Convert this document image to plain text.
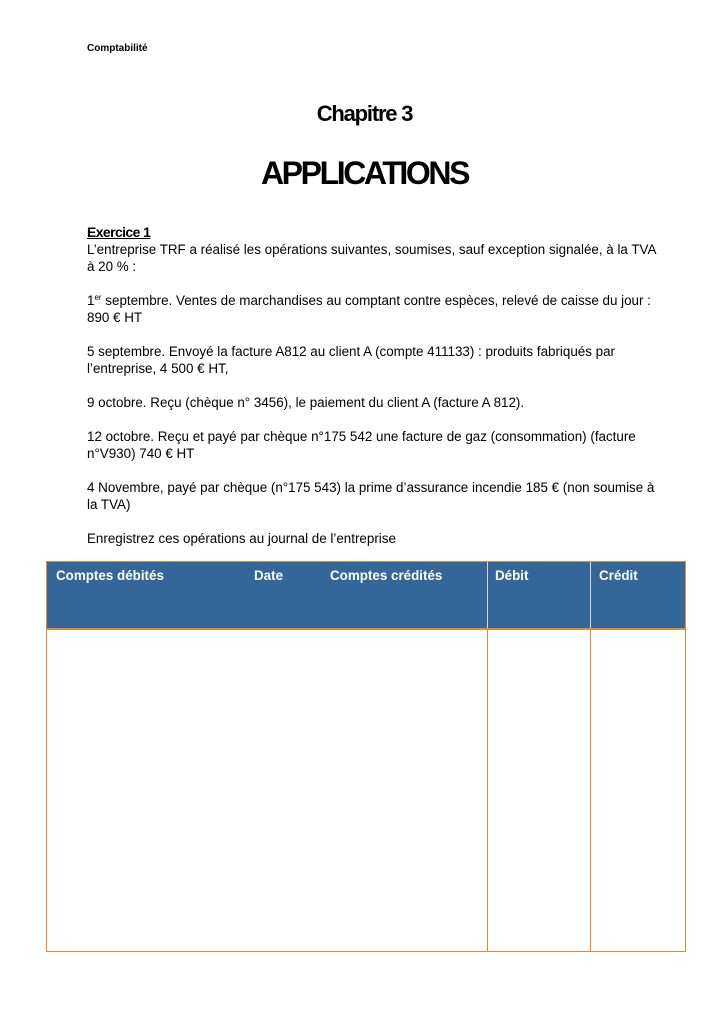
Comptabilité
Chapitre 3
APPLICATIONS
Exercice 1

L’entreprise TRF a réalisé les opérations suivantes, soumises, sauf exception signalée, à la TVA à 20 % :

1er septembre. Ventes de marchandises au comptant contre espèces, relevé de caisse du jour : 890 € HT

5 septembre. Envoyé la facture A812 au client A (compte 411133) : produits fabriqués par l’entreprise, 4 500 € HT,

9 octobre. Reçu (chèque n° 3456), le paiement du client A (facture A 812).

12 octobre. Reçu et payé par chèque n°175 542 une facture de gaz (consommation) (facture n°V930) 740 € HT

4 Novembre, payé par chèque (n°175 543) la prime d’assurance incendie 185 € (non soumise à la TVA)

Enregistrez ces opérations au journal de l’entreprise

Comptes débités	Date	Comptes crédités	Débit	Crédit
